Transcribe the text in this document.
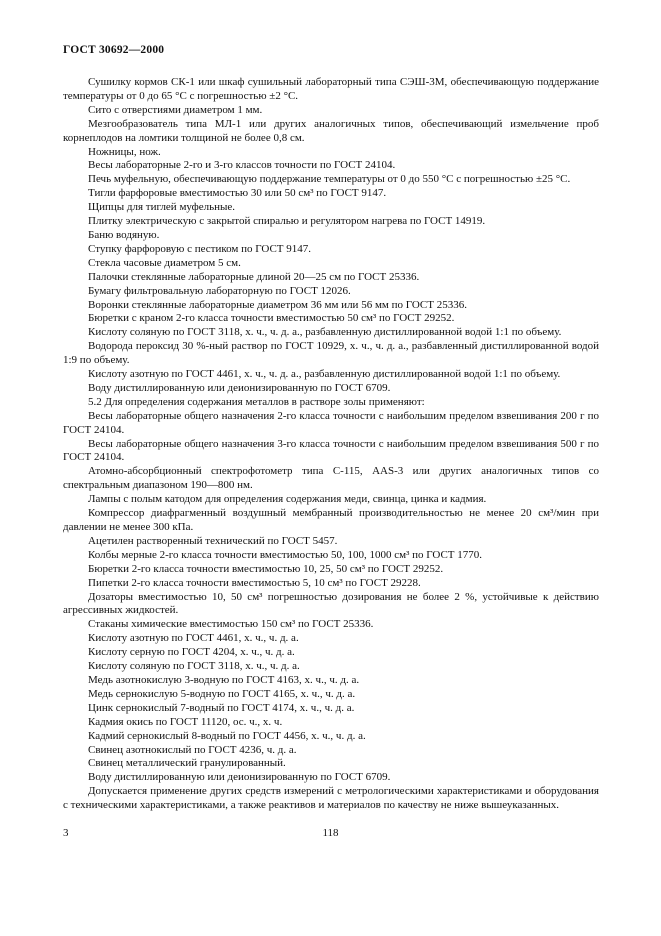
ГОСТ 30692—2000

Сушилку кормов СК-1 или шкаф сушильный лабораторный типа СЭШ-3М, обеспечивающую поддержание температуры от 0 до 65 °С с погрешностью ±2 °С.

Сито с отверстиями диаметром 1 мм.

Мезгообразователь типа МЛ-1 или других аналогичных типов, обеспечивающий измельчение проб корнеплодов на ломтики толщиной не более 0,8 см.

Ножницы, нож.

Весы лабораторные 2-го и 3-го классов точности по ГОСТ 24104.

Печь муфельную, обеспечивающую поддержание температуры от 0 до 550 °С с погрешностью ±25 °С.

Тигли фарфоровые вместимостью 30 или 50 см³ по ГОСТ 9147.

Щипцы для тиглей муфельные.

Плитку электрическую с закрытой спиралью и регулятором нагрева по ГОСТ 14919.

Баню водяную.

Ступку фарфоровую с пестиком по ГОСТ 9147.

Стекла часовые диаметром 5 см.

Палочки стеклянные лабораторные длиной 20—25 см по ГОСТ 25336.

Бумагу фильтровальную лабораторную по ГОСТ 12026.

Воронки стеклянные лабораторные диаметром 36 мм или 56 мм по ГОСТ 25336.

Бюретки с краном 2-го класса точности вместимостью 50 см³ по ГОСТ 29252.

Кислоту соляную по ГОСТ 3118, х. ч., ч. д. а., разбавленную дистиллированной водой 1:1 по объему.

Водорода пероксид 30 %-ный раствор по ГОСТ 10929, х. ч., ч. д. а., разбавленный дистиллированной водой 1:9 по объему.

Кислоту азотную по ГОСТ 4461, х. ч., ч. д. а., разбавленную дистиллированной водой 1:1 по объему.

Воду дистиллированную или деионизированную по ГОСТ 6709.

5.2 Для определения содержания металлов в растворе золы применяют:

Весы лабораторные общего назначения 2-го класса точности с наибольшим пределом взвешивания 200 г по ГОСТ 24104.

Весы лабораторные общего назначения 3-го класса точности с наибольшим пределом взвешивания 500 г по ГОСТ 24104.

Атомно-абсорбционный спектрофотометр типа С-115, AAS-3 или других аналогичных типов со спектральным диапазоном 190—800 нм.

Лампы с полым катодом для определения содержания меди, свинца, цинка и кадмия.

Компрессор диафрагменный воздушный мембранный производительностью не менее 20 см³/мин при давлении не менее 300 кПа.

Ацетилен растворенный технический по ГОСТ 5457.

Колбы мерные 2-го класса точности вместимостью 50, 100, 1000 см³ по ГОСТ 1770.

Бюретки 2-го класса точности вместимостью 10, 25, 50 см³ по ГОСТ 29252.

Пипетки 2-го класса точности вместимостью 5, 10 см³ по ГОСТ 29228.

Дозаторы вместимостью 10, 50 см³ погрешностью дозирования не более 2 %, устойчивые к действию агрессивных жидкостей.

Стаканы химические вместимостью 150 см³ по ГОСТ 25336.

Кислоту азотную по ГОСТ 4461, х. ч., ч. д. а.

Кислоту серную по ГОСТ 4204, х. ч., ч. д. а.

Кислоту соляную по ГОСТ 3118, х. ч., ч. д. а.

Медь азотнокислую 3-водную по ГОСТ 4163, х. ч., ч. д. а.

Медь сернокислую 5-водную по ГОСТ 4165, х. ч., ч. д. а.

Цинк сернокислый 7-водный по ГОСТ 4174, х. ч., ч. д. а.

Кадмия окись по ГОСТ 11120, ос. ч., х. ч.

Кадмий сернокислый 8-водный по ГОСТ 4456, х. ч., ч. д. а.

Свинец азотнокислый по ГОСТ 4236, ч. д. а.

Свинец металлический гранулированный.

Воду дистиллированную или деионизированную по ГОСТ 6709.

Допускается применение других средств измерений с метрологическими характеристиками и оборудования с техническими характеристиками, а также реактивов и материалов по качеству не ниже вышеуказанных.

3	118
